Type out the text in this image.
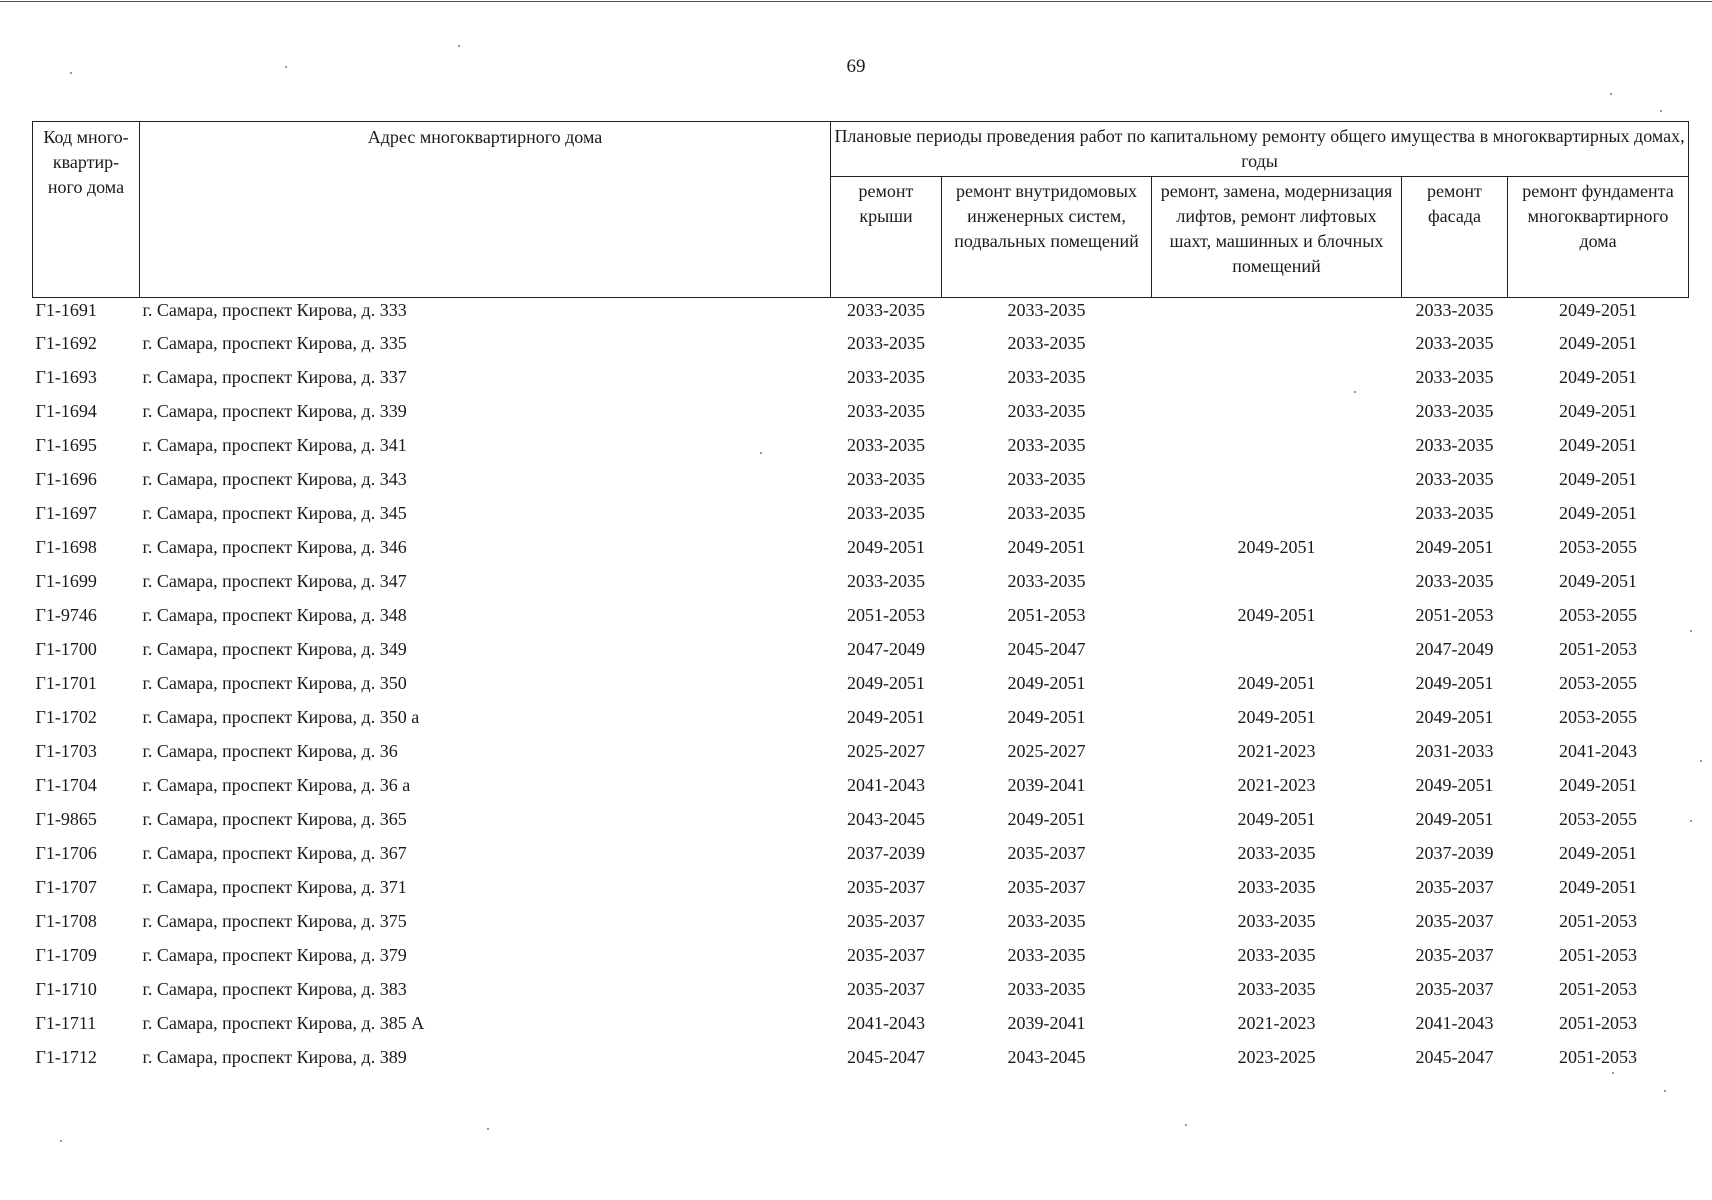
69
Код много-квартир-ного дома	Адрес многоквартирного дома	Плановые периоды проведения работ по капитальному ремонту общего имущества в многоквартирных домах, годы				
		ремонт крыши	ремонт внутридомовых инженерных систем, подвальных помещений	ремонт, замена, модернизация лифтов, ремонт лифтовых шахт, машинных и блочных помещений	ремонт фасада	ремонт фундамента многоквартирного дома
Г1-1691	г. Самара, проспект Кирова, д. 333	2033-2035	2033-2035		2033-2035	2049-2051
Г1-1692	г. Самара, проспект Кирова, д. 335	2033-2035	2033-2035		2033-2035	2049-2051
Г1-1693	г. Самара, проспект Кирова, д. 337	2033-2035	2033-2035		2033-2035	2049-2051
Г1-1694	г. Самара, проспект Кирова, д. 339	2033-2035	2033-2035		2033-2035	2049-2051
Г1-1695	г. Самара, проспект Кирова, д. 341	2033-2035	2033-2035		2033-2035	2049-2051
Г1-1696	г. Самара, проспект Кирова, д. 343	2033-2035	2033-2035		2033-2035	2049-2051
Г1-1697	г. Самара, проспект Кирова, д. 345	2033-2035	2033-2035		2033-2035	2049-2051
Г1-1698	г. Самара, проспект Кирова, д. 346	2049-2051	2049-2051	2049-2051	2049-2051	2053-2055
Г1-1699	г. Самара, проспект Кирова, д. 347	2033-2035	2033-2035		2033-2035	2049-2051
Г1-9746	г. Самара, проспект Кирова, д. 348	2051-2053	2051-2053	2049-2051	2051-2053	2053-2055
Г1-1700	г. Самара, проспект Кирова, д. 349	2047-2049	2045-2047		2047-2049	2051-2053
Г1-1701	г. Самара, проспект Кирова, д. 350	2049-2051	2049-2051	2049-2051	2049-2051	2053-2055
Г1-1702	г. Самара, проспект Кирова, д. 350 а	2049-2051	2049-2051	2049-2051	2049-2051	2053-2055
Г1-1703	г. Самара, проспект Кирова, д. 36	2025-2027	2025-2027	2021-2023	2031-2033	2041-2043
Г1-1704	г. Самара, проспект Кирова, д. 36 а	2041-2043	2039-2041	2021-2023	2049-2051	2049-2051
Г1-9865	г. Самара, проспект Кирова, д. 365	2043-2045	2049-2051	2049-2051	2049-2051	2053-2055
Г1-1706	г. Самара, проспект Кирова, д. 367	2037-2039	2035-2037	2033-2035	2037-2039	2049-2051
Г1-1707	г. Самара, проспект Кирова, д. 371	2035-2037	2035-2037	2033-2035	2035-2037	2049-2051
Г1-1708	г. Самара, проспект Кирова, д. 375	2035-2037	2033-2035	2033-2035	2035-2037	2051-2053
Г1-1709	г. Самара, проспект Кирова, д. 379	2035-2037	2033-2035	2033-2035	2035-2037	2051-2053
Г1-1710	г. Самара, проспект Кирова, д. 383	2035-2037	2033-2035	2033-2035	2035-2037	2051-2053
Г1-1711	г. Самара, проспект Кирова, д. 385 А	2041-2043	2039-2041	2021-2023	2041-2043	2051-2053
Г1-1712	г. Самара, проспект Кирова, д. 389	2045-2047	2043-2045	2023-2025	2045-2047	2051-2053
